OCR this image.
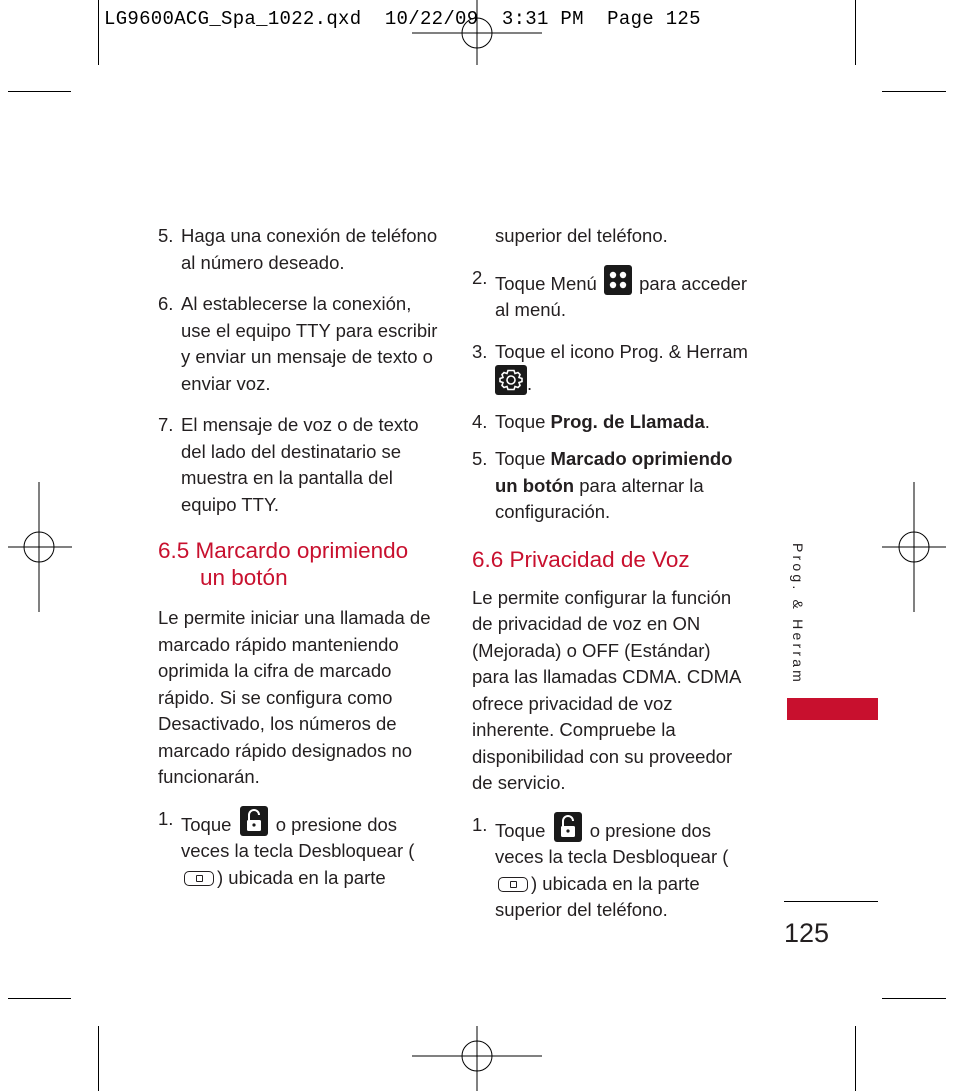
LG9600ACG_Spa_1022.qxd  10/22/09  3:31 PM  Page 125

5. Haga una conexión de teléfono al número deseado.

6. Al establecerse la conexión, use el equipo TTY para escribir y enviar un mensaje de texto o enviar voz.

7. El mensaje de voz o de texto del lado del destinatario se muestra en la pantalla del equipo TTY.

6.5 Marcardo oprimiendo
un botón

Le permite iniciar una llamada de marcado rápido manteniendo oprimida la cifra de marcado rápido. Si se configura como Desactivado, los números de marcado rápido designados no funcionarán.

1. Toque o presione dos veces la tecla Desbloquear () ubicada en la parte

superior del teléfono.

2. Toque Menú para acceder al menú.

3. Toque el icono Prog. & Herram
.

4. Toque Prog. de Llamada.

5. Toque Marcado oprimiendo un botón para alternar la configuración.

6.6 Privacidad de Voz

Le permite configurar la función de privacidad de voz en ON (Mejorada) o OFF (Estándar) para las llamadas CDMA. CDMA ofrece privacidad de voz inherente. Compruebe la disponibilidad con su proveedor de servicio.

1. Toque o presione dos veces la tecla Desbloquear () ubicada en la parte superior del teléfono.

Prog. & Herram
125
